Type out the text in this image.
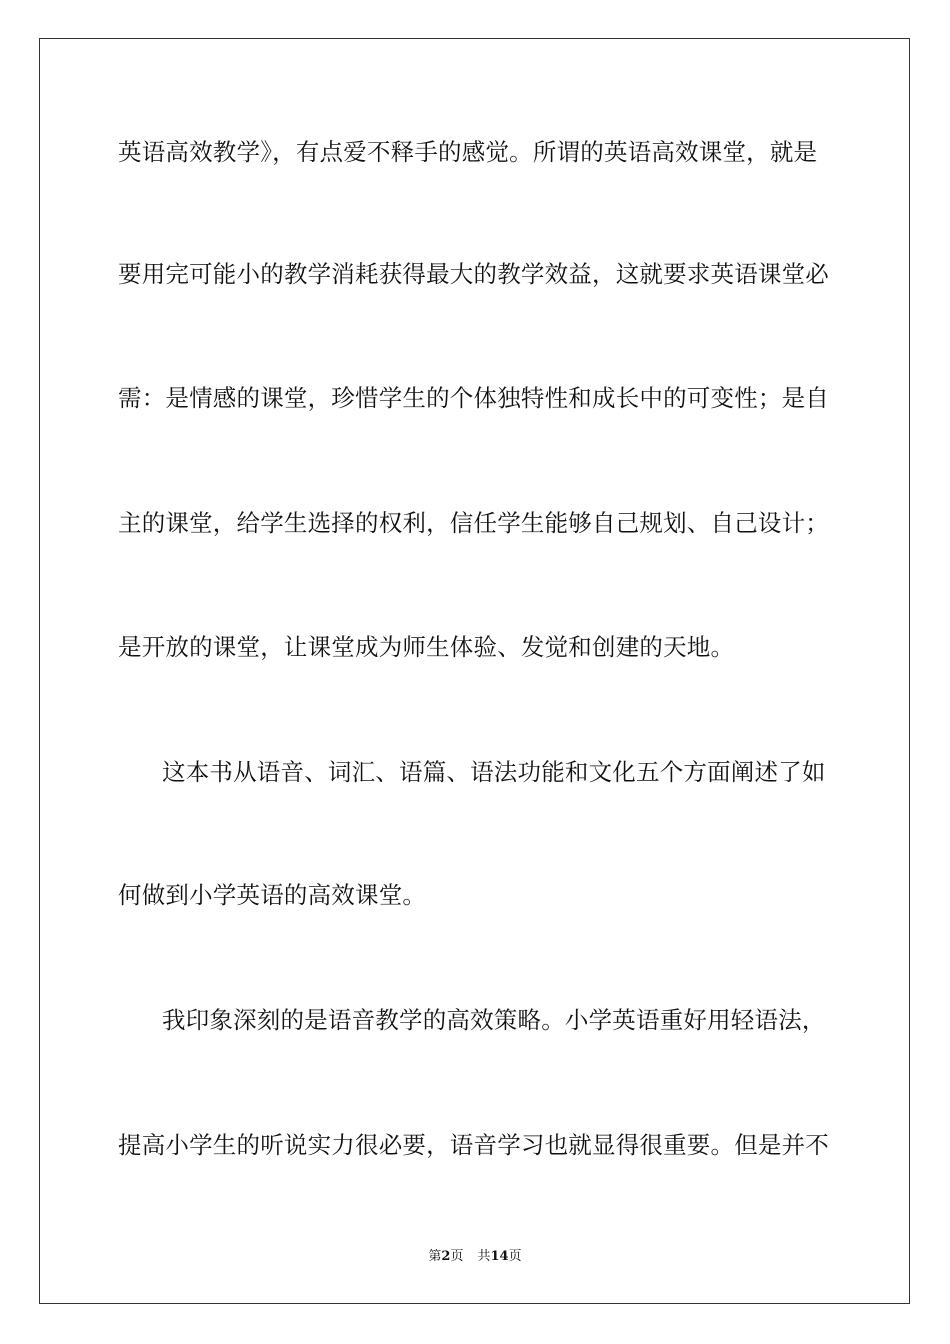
英语高效教学》，有点爱不释手的感觉。所谓的英语高效课堂，就是
要用完可能小的教学消耗获得最大的教学效益，这就要求英语课堂必
需：是情感的课堂，珍惜学生的个体独特性和成长中的可变性；是自
主的课堂，给学生选择的权利，信任学生能够自己规划、自己设计；
是开放的课堂，让课堂成为师生体验、发觉和创建的天地。
这本书从语音、词汇、语篇、语法功能和文化五个方面阐述了如
何做到小学英语的高效课堂。
我印象深刻的是语音教学的高效策略。小学英语重好用轻语法，
提高小学生的听说实力很必要，语音学习也就显得很重要。但是并不
第2页 共14页
